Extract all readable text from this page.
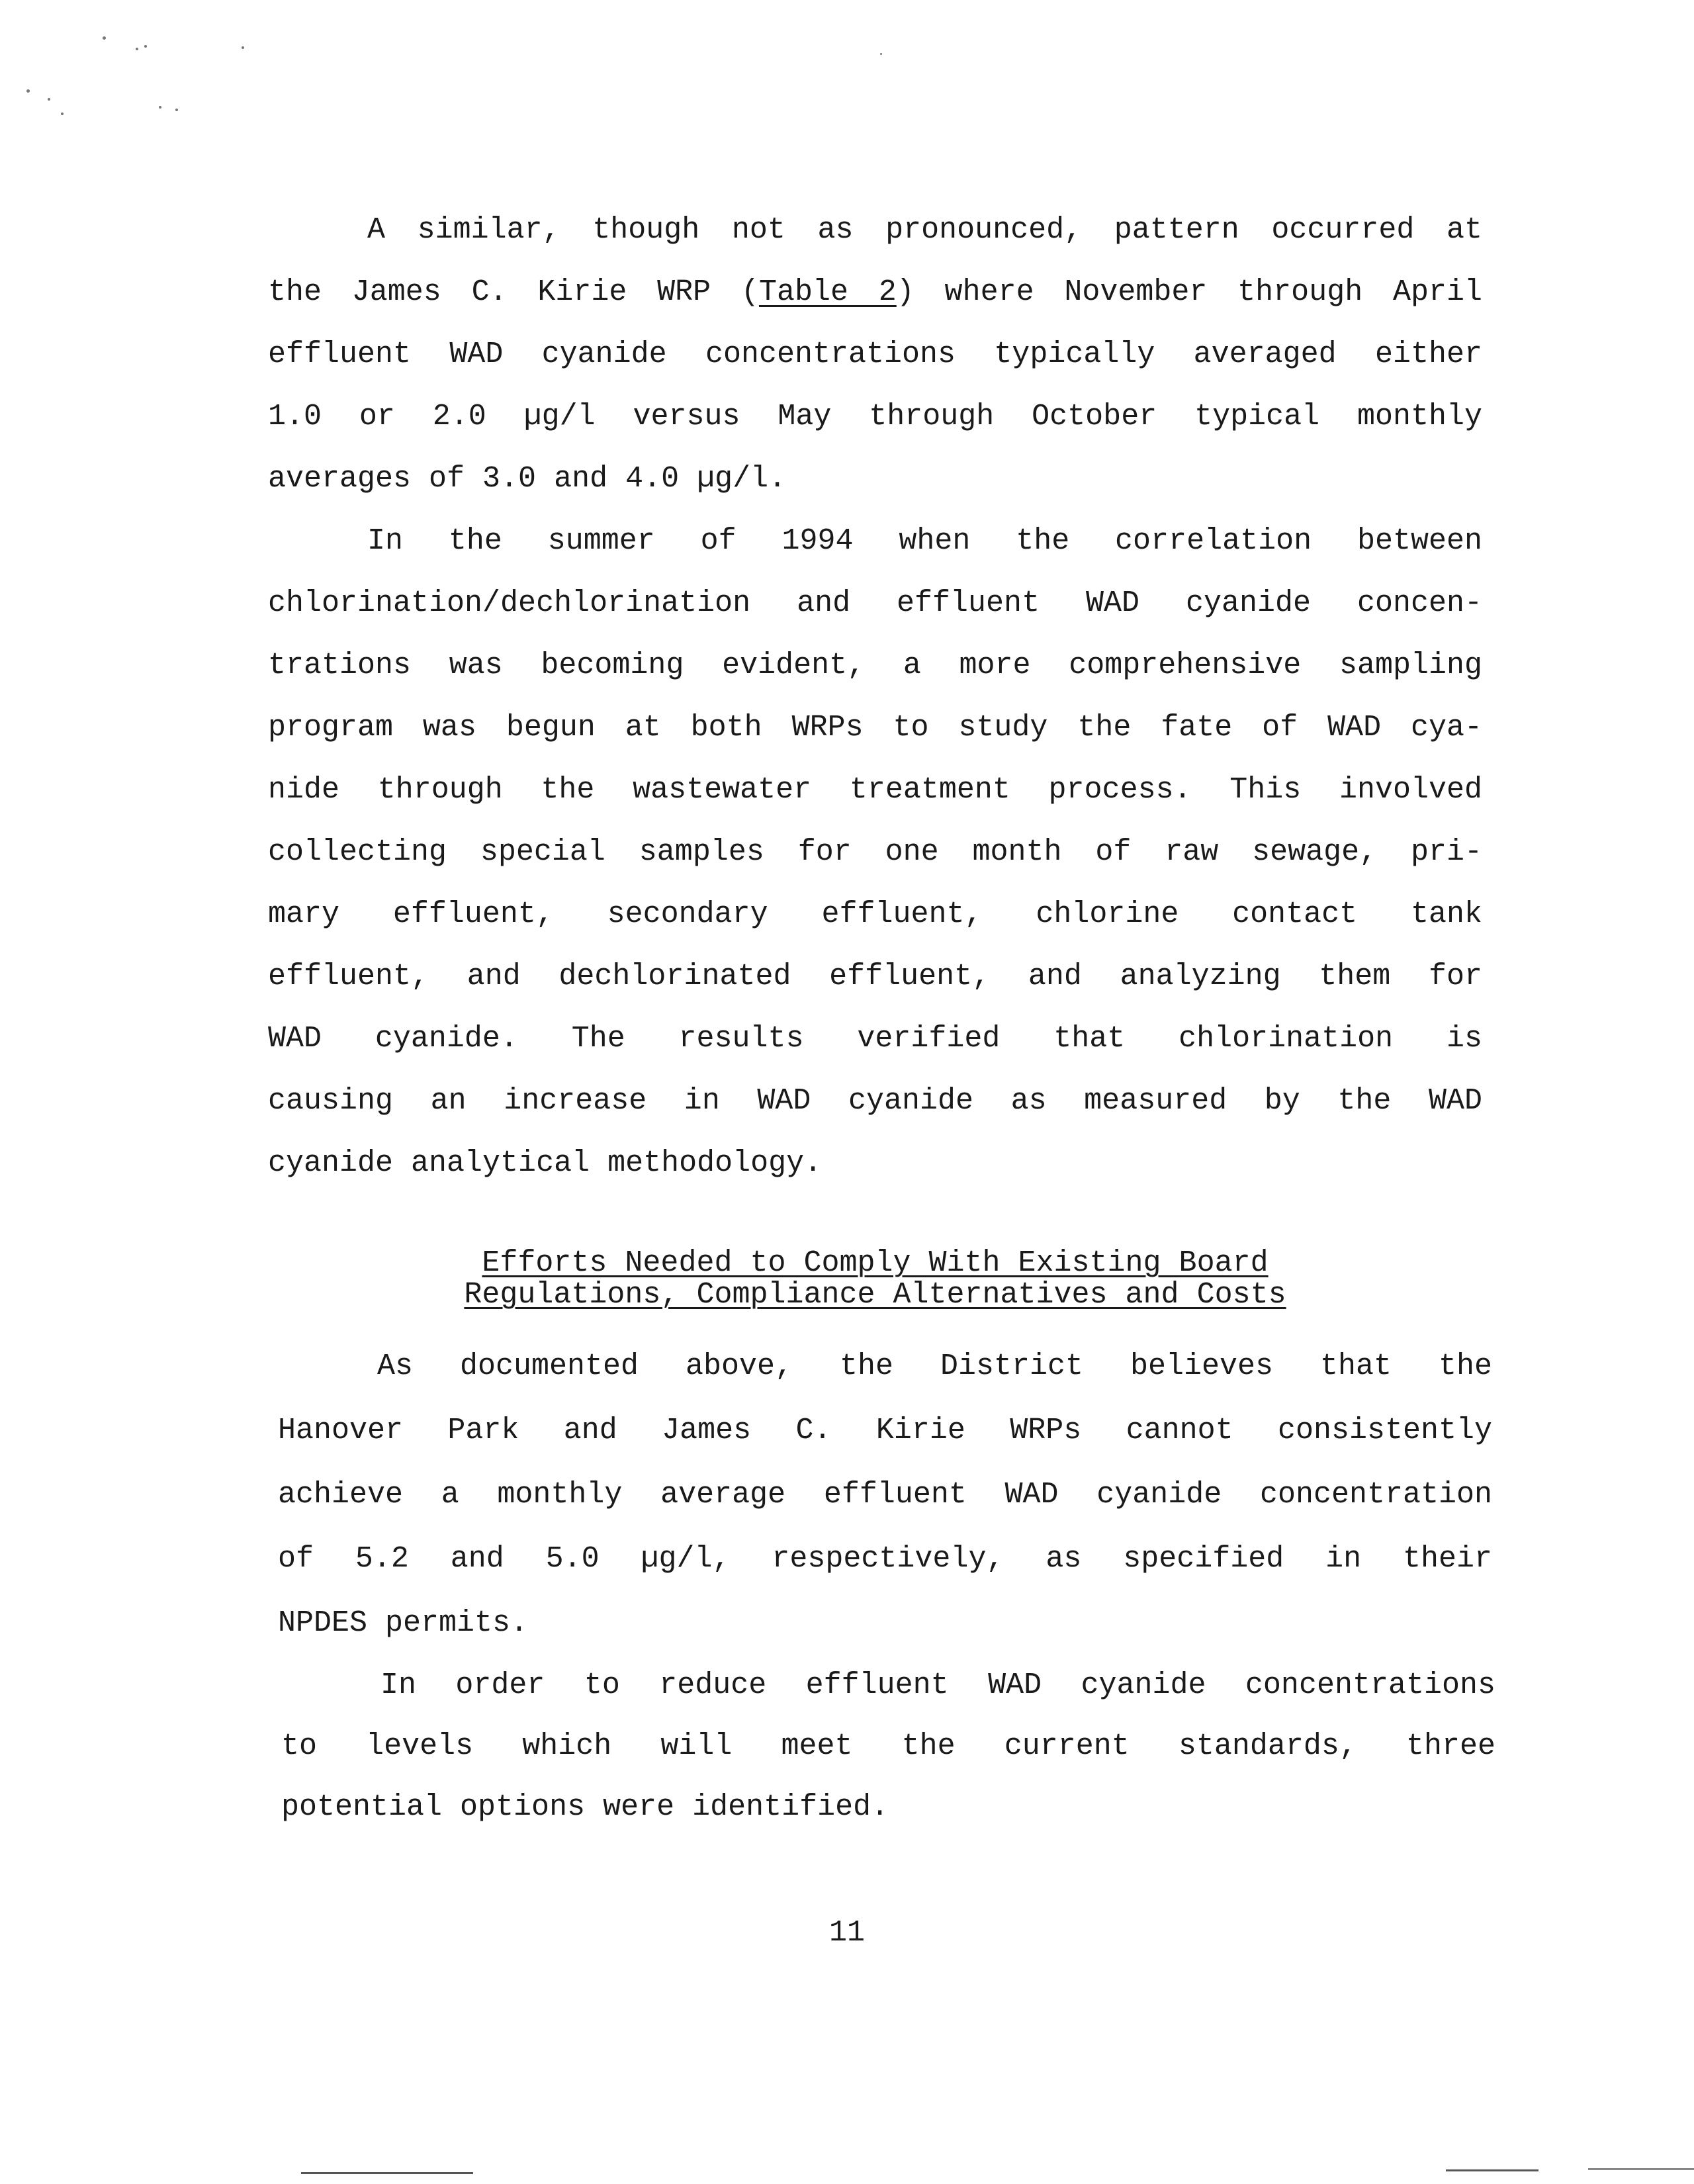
A similar, though not as pronounced, pattern occurred at
the James C. Kirie WRP (Table 2) where November through April
effluent WAD cyanide concentrations typically averaged either
1.0 or 2.0 µg/l versus May through October typical monthly
averages of 3.0 and 4.0 µg/l.
In the summer of 1994 when the correlation between
chlorination/dechlorination and effluent WAD cyanide concen-
trations was becoming evident, a more comprehensive sampling
program was begun at both WRPs to study the fate of WAD cya-
nide through the wastewater treatment process. This involved
collecting special samples for one month of raw sewage, pri-
mary effluent, secondary effluent, chlorine contact tank
effluent, and dechlorinated effluent, and analyzing them for
WAD cyanide. The results verified that chlorination is
causing an increase in WAD cyanide as measured by the WAD
cyanide analytical methodology.
Efforts Needed to Comply With Existing Board
Regulations, Compliance Alternatives and Costs
As documented above, the District believes that the
Hanover Park and James C. Kirie WRPs cannot consistently
achieve a monthly average effluent WAD cyanide concentration
of 5.2 and 5.0 µg/l, respectively, as specified in their
NPDES permits.
In order to reduce effluent WAD cyanide concentrations
to levels which will meet the current standards, three
potential options were identified.
11
